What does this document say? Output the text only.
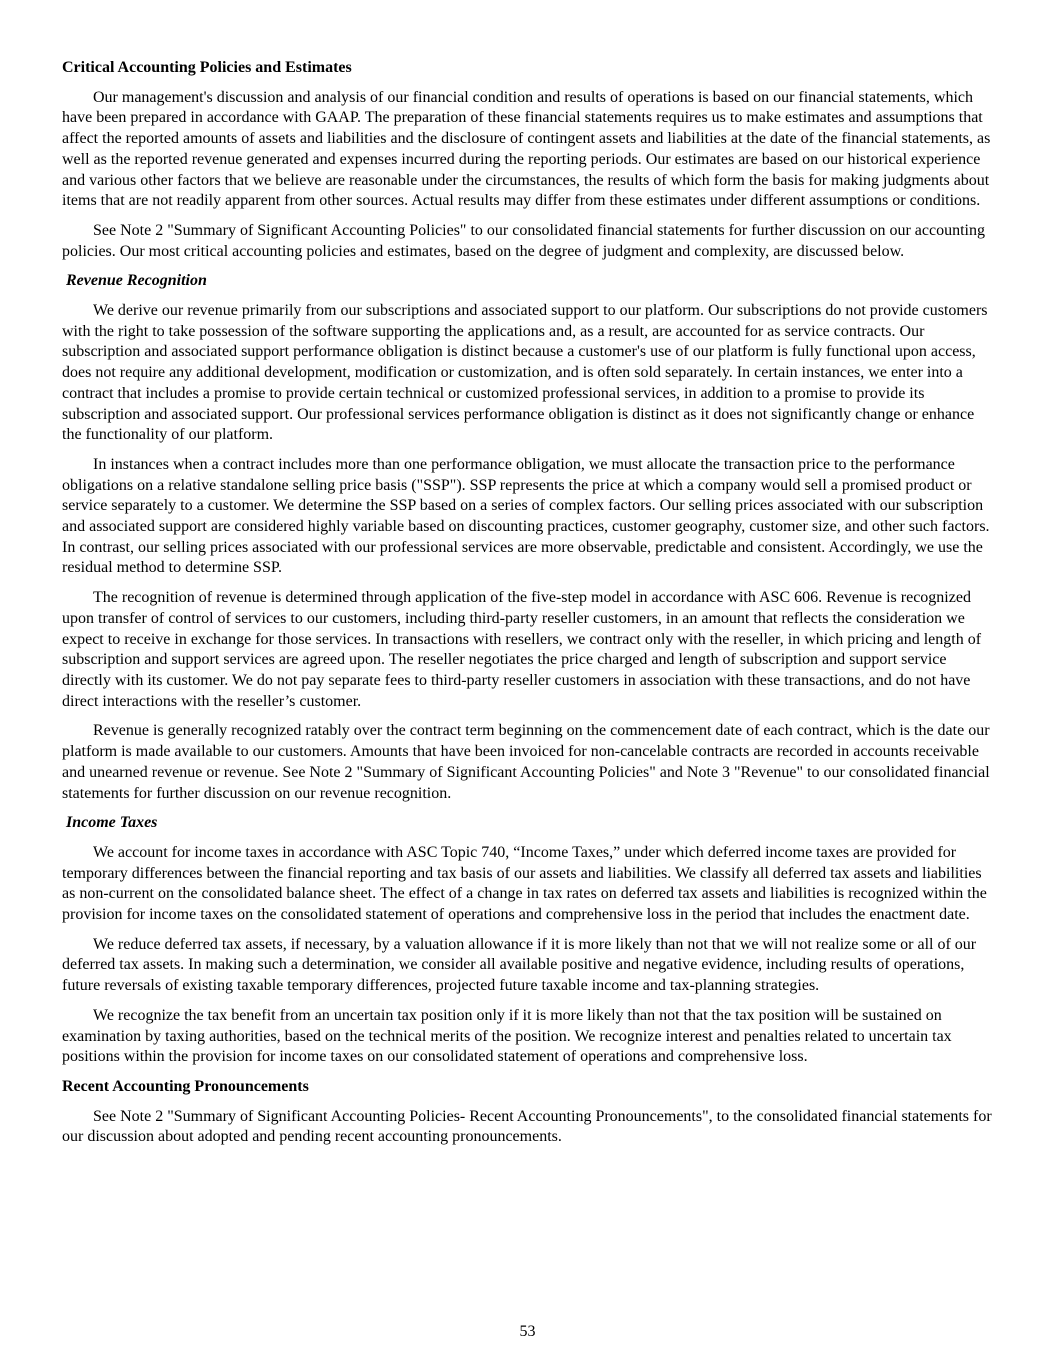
Critical Accounting Policies and Estimates

Our management's discussion and analysis of our financial condition and results of operations is based on our financial statements, which have been prepared in accordance with GAAP. The preparation of these financial statements requires us to make estimates and assumptions that affect the reported amounts of assets and liabilities and the disclosure of contingent assets and liabilities at the date of the financial statements, as well as the reported revenue generated and expenses incurred during the reporting periods. Our estimates are based on our historical experience and various other factors that we believe are reasonable under the circumstances, the results of which form the basis for making judgments about items that are not readily apparent from other sources. Actual results may differ from these estimates under different assumptions or conditions.

See Note 2 "Summary of Significant Accounting Policies" to our consolidated financial statements for further discussion on our accounting policies. Our most critical accounting policies and estimates, based on the degree of judgment and complexity, are discussed below.

Revenue Recognition

We derive our revenue primarily from our subscriptions and associated support to our platform. Our subscriptions do not provide customers with the right to take possession of the software supporting the applications and, as a result, are accounted for as service contracts. Our subscription and associated support performance obligation is distinct because a customer's use of our platform is fully functional upon access, does not require any additional development, modification or customization, and is often sold separately. In certain instances, we enter into a contract that includes a promise to provide certain technical or customized professional services, in addition to a promise to provide its subscription and associated support. Our professional services performance obligation is distinct as it does not significantly change or enhance the functionality of our platform.

In instances when a contract includes more than one performance obligation, we must allocate the transaction price to the performance obligations on a relative standalone selling price basis ("SSP"). SSP represents the price at which a company would sell a promised product or service separately to a customer. We determine the SSP based on a series of complex factors. Our selling prices associated with our subscription and associated support are considered highly variable based on discounting practices, customer geography, customer size, and other such factors. In contrast, our selling prices associated with our professional services are more observable, predictable and consistent. Accordingly, we use the residual method to determine SSP.

The recognition of revenue is determined through application of the five-step model in accordance with ASC 606. Revenue is recognized upon transfer of control of services to our customers, including third-party reseller customers, in an amount that reflects the consideration we expect to receive in exchange for those services. In transactions with resellers, we contract only with the reseller, in which pricing and length of subscription and support services are agreed upon. The reseller negotiates the price charged and length of subscription and support service directly with its customer. We do not pay separate fees to third-party reseller customers in association with these transactions, and do not have direct interactions with the reseller’s customer.

Revenue is generally recognized ratably over the contract term beginning on the commencement date of each contract, which is the date our platform is made available to our customers. Amounts that have been invoiced for non-cancelable contracts are recorded in accounts receivable and unearned revenue or revenue. See Note 2 "Summary of Significant Accounting Policies" and Note 3 "Revenue" to our consolidated financial statements for further discussion on our revenue recognition.

Income Taxes

We account for income taxes in accordance with ASC Topic 740, “Income Taxes,” under which deferred income taxes are provided for temporary differences between the financial reporting and tax basis of our assets and liabilities. We classify all deferred tax assets and liabilities as non-current on the consolidated balance sheet. The effect of a change in tax rates on deferred tax assets and liabilities is recognized within the provision for income taxes on the consolidated statement of operations and comprehensive loss in the period that includes the enactment date.

We reduce deferred tax assets, if necessary, by a valuation allowance if it is more likely than not that we will not realize some or all of our deferred tax assets. In making such a determination, we consider all available positive and negative evidence, including results of operations, future reversals of existing taxable temporary differences, projected future taxable income and tax-planning strategies.

We recognize the tax benefit from an uncertain tax position only if it is more likely than not that the tax position will be sustained on examination by taxing authorities, based on the technical merits of the position. We recognize interest and penalties related to uncertain tax positions within the provision for income taxes on our consolidated statement of operations and comprehensive loss.

Recent Accounting Pronouncements

See Note 2 "Summary of Significant Accounting Policies- Recent Accounting Pronouncements", to the consolidated financial statements for our discussion about adopted and pending recent accounting pronouncements.

53
